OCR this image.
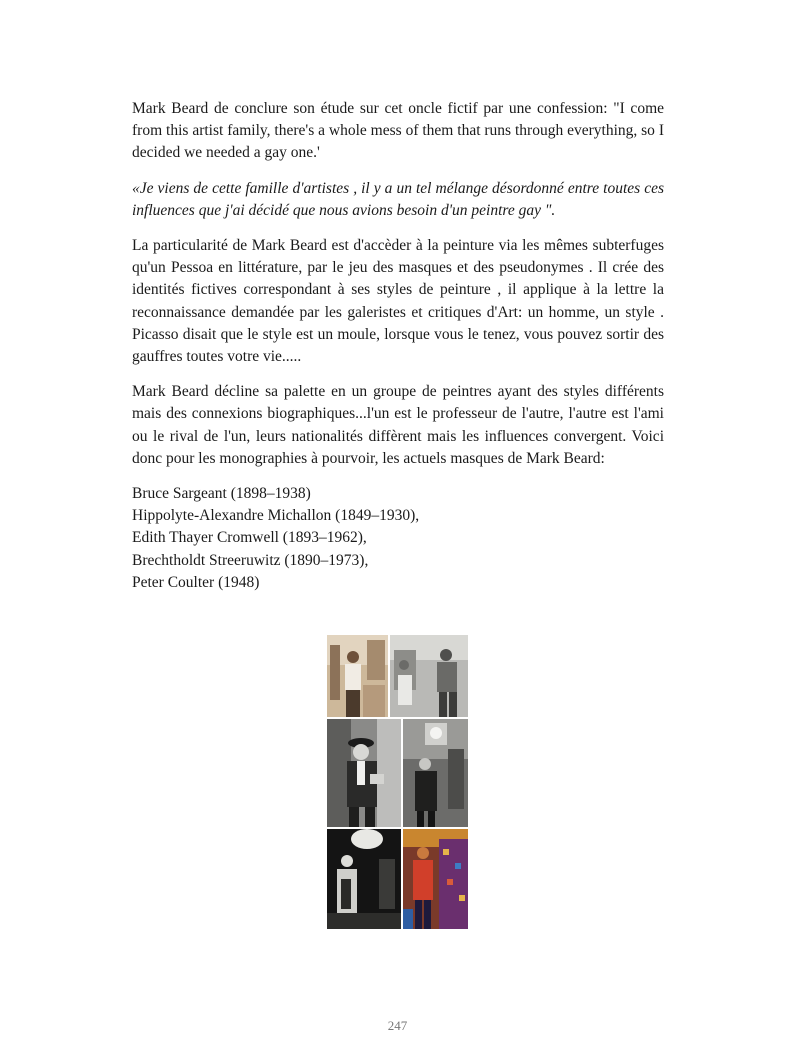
Mark Beard de conclure son étude sur cet oncle fictif par une confession: "I come from this artist family, there's a whole mess of them that runs through everything, so I decided we needed a gay one.'

«Je viens de cette famille d'artistes , il y a un tel mélange désordonné entre toutes ces influences que j'ai décidé que nous avions besoin d'un peintre gay ".

La particularité de Mark Beard est d'accèder à la peinture via les mêmes subterfuges qu'un Pessoa en littérature, par le jeu des masques et des pseudonymes . Il crée des identités fictives correspondant à ses styles de peinture , il applique à la lettre la reconnaissance demandée par les galeristes et critiques d'Art: un homme, un style . Picasso disait que le style est un moule, lorsque vous le tenez, vous pouvez sortir des gauffres toutes votre vie.....

Mark Beard décline sa palette en un groupe de peintres ayant des styles différents mais des connexions biographiques...l'un est le professeur de l'autre, l'autre est l'ami ou le rival de l'un, leurs nationalités diffèrent mais les influences convergent. Voici donc pour les monographies à pourvoir, les actuels masques de Mark Beard:

Bruce Sargeant (1898–1938)
Hippolyte-Alexandre Michallon (1849–1930),
Edith Thayer Cromwell (1893–1962),
Brechtholdt Streeruwitz (1890–1973),
Peter Coulter (1948)
247
